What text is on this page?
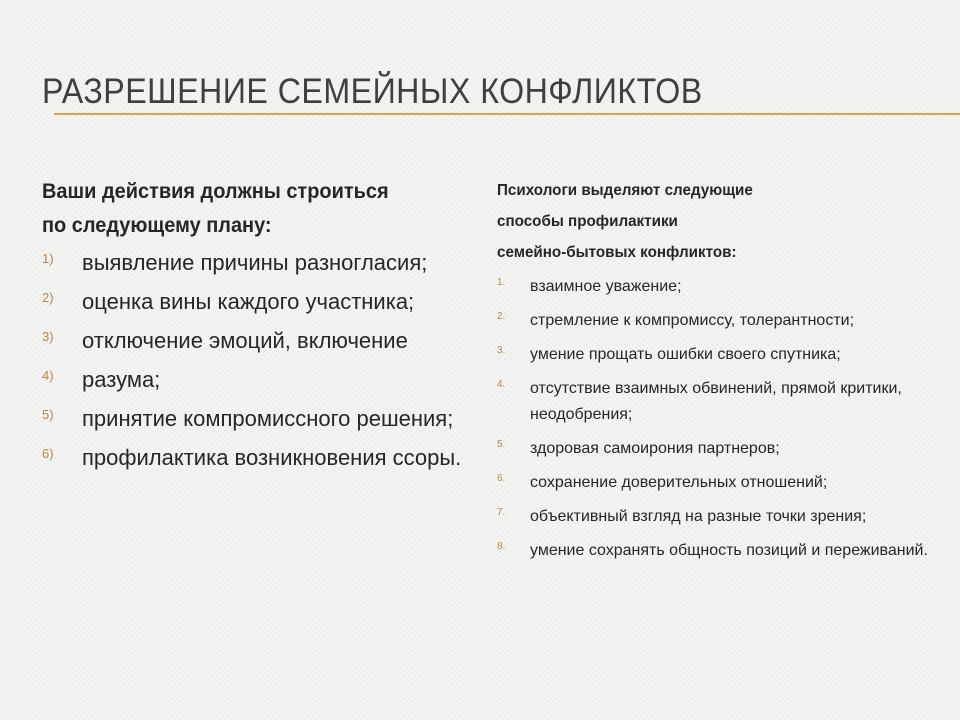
РАЗРЕШЕНИЕ СЕМЕЙНЫХ КОНФЛИКТОВ
Ваши действия должны строиться
по следующему плану:
1) выявление причины разногласия;
2) оценка вины каждого участника;
3) отключение эмоций, включение
4) разума;
5) принятие компромиссного решения;
6) профилактика возникновения ссоры.
Психологи выделяют следующие
способы профилактики
семейно-бытовых конфликтов:
1. взаимное уважение;
2. стремление к компромиссу, толерантности;
3. умение прощать ошибки своего спутника;
4. отсутствие взаимных обвинений, прямой критики, неодобрения;
5. здоровая самоирония партнеров;
6. сохранение доверительных отношений;
7. объективный взгляд на разные точки зрения;
8. умение сохранять общность позиций и переживаний.
